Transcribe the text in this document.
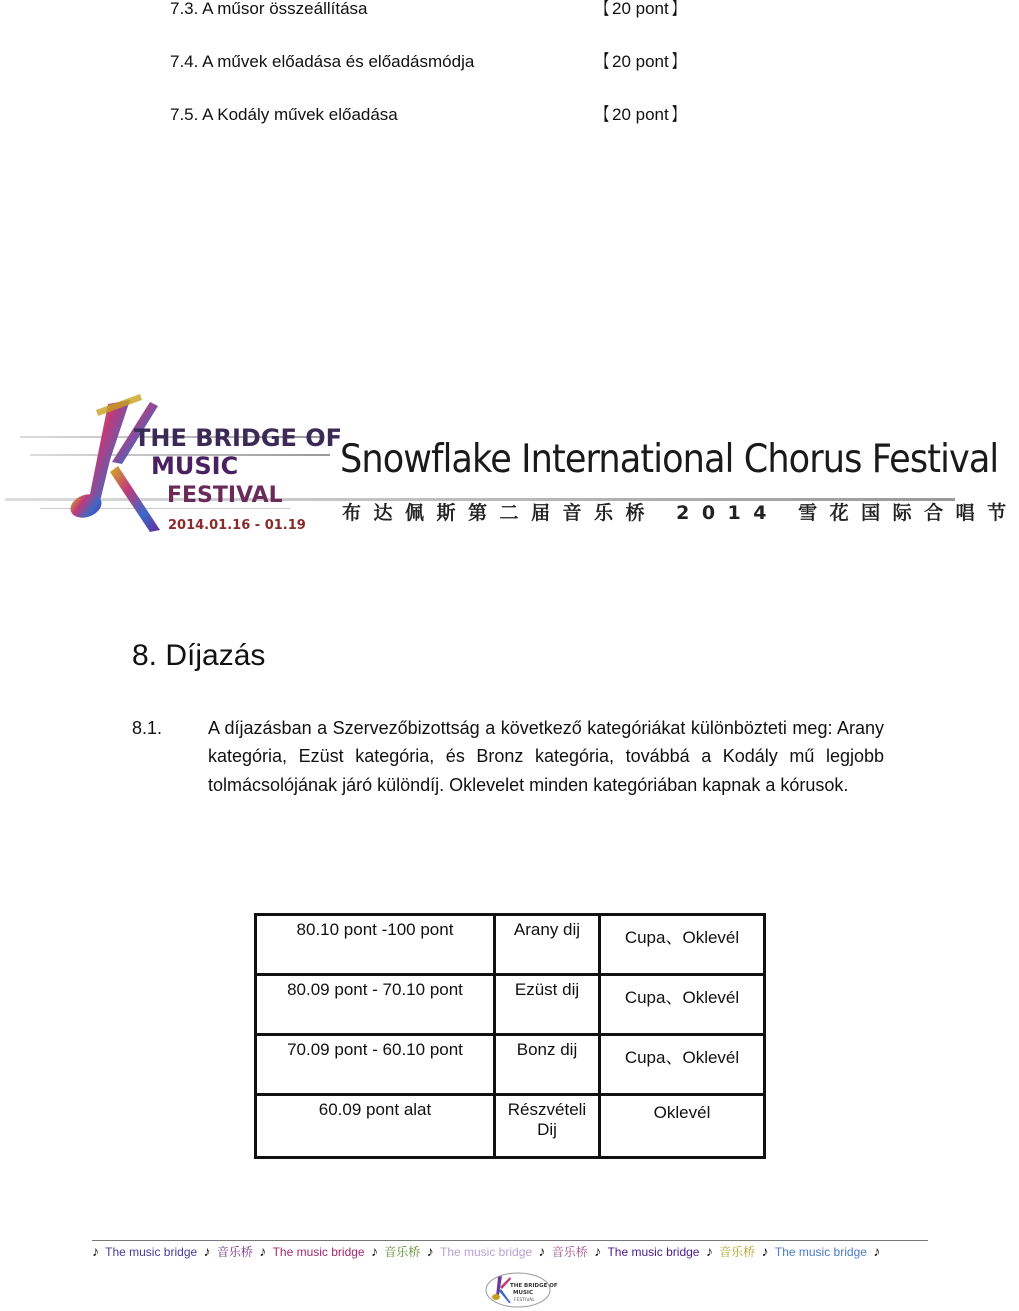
7.3. A műsor összeállítása	【 20 pont 】
7.4. A művek előadása és előadásmódja	【 20 pont 】
7.5. A Kodály művek előadása	【 20 pont 】
THE BRIDGE OF
MUSIC
FESTIVAL
2014.01.16 - 01.19
Snowflake International Chorus Festival
布达佩斯第二届音乐桥 2014 雪花国际合唱节
8. Díjazás
8.1.	A díjazásban a Szervezőbizottság a következő kategóriákat különbözteti meg: Arany kategória, Ezüst kategória, és Bronz kategória, továbbá a Kodály mű legjobb tolmácsolójának járó különdíj. Oklevelet minden kategóriában kapnak a kórusok.
80.10 pont -100 pont	Arany dij	Cupa、Oklevél
80.09 pont - 70.10 pont	Ezüst dij	Cupa、Oklevél
70.09 pont - 60.10 pont	Bonz dij	Cupa、Oklevél
60.09 pont alat	Részvételi Dij	Oklevél
♪ The music bridge ♪ 音乐桥 ♪ The music bridge ♪ 音乐桥 ♪ The music bridge ♪ 音乐桥 ♪ The music bridge ♪ 音乐桥 ♪ The music bridge ♪
THE BRIDGE OF
MUSIC
FESTIVAL
